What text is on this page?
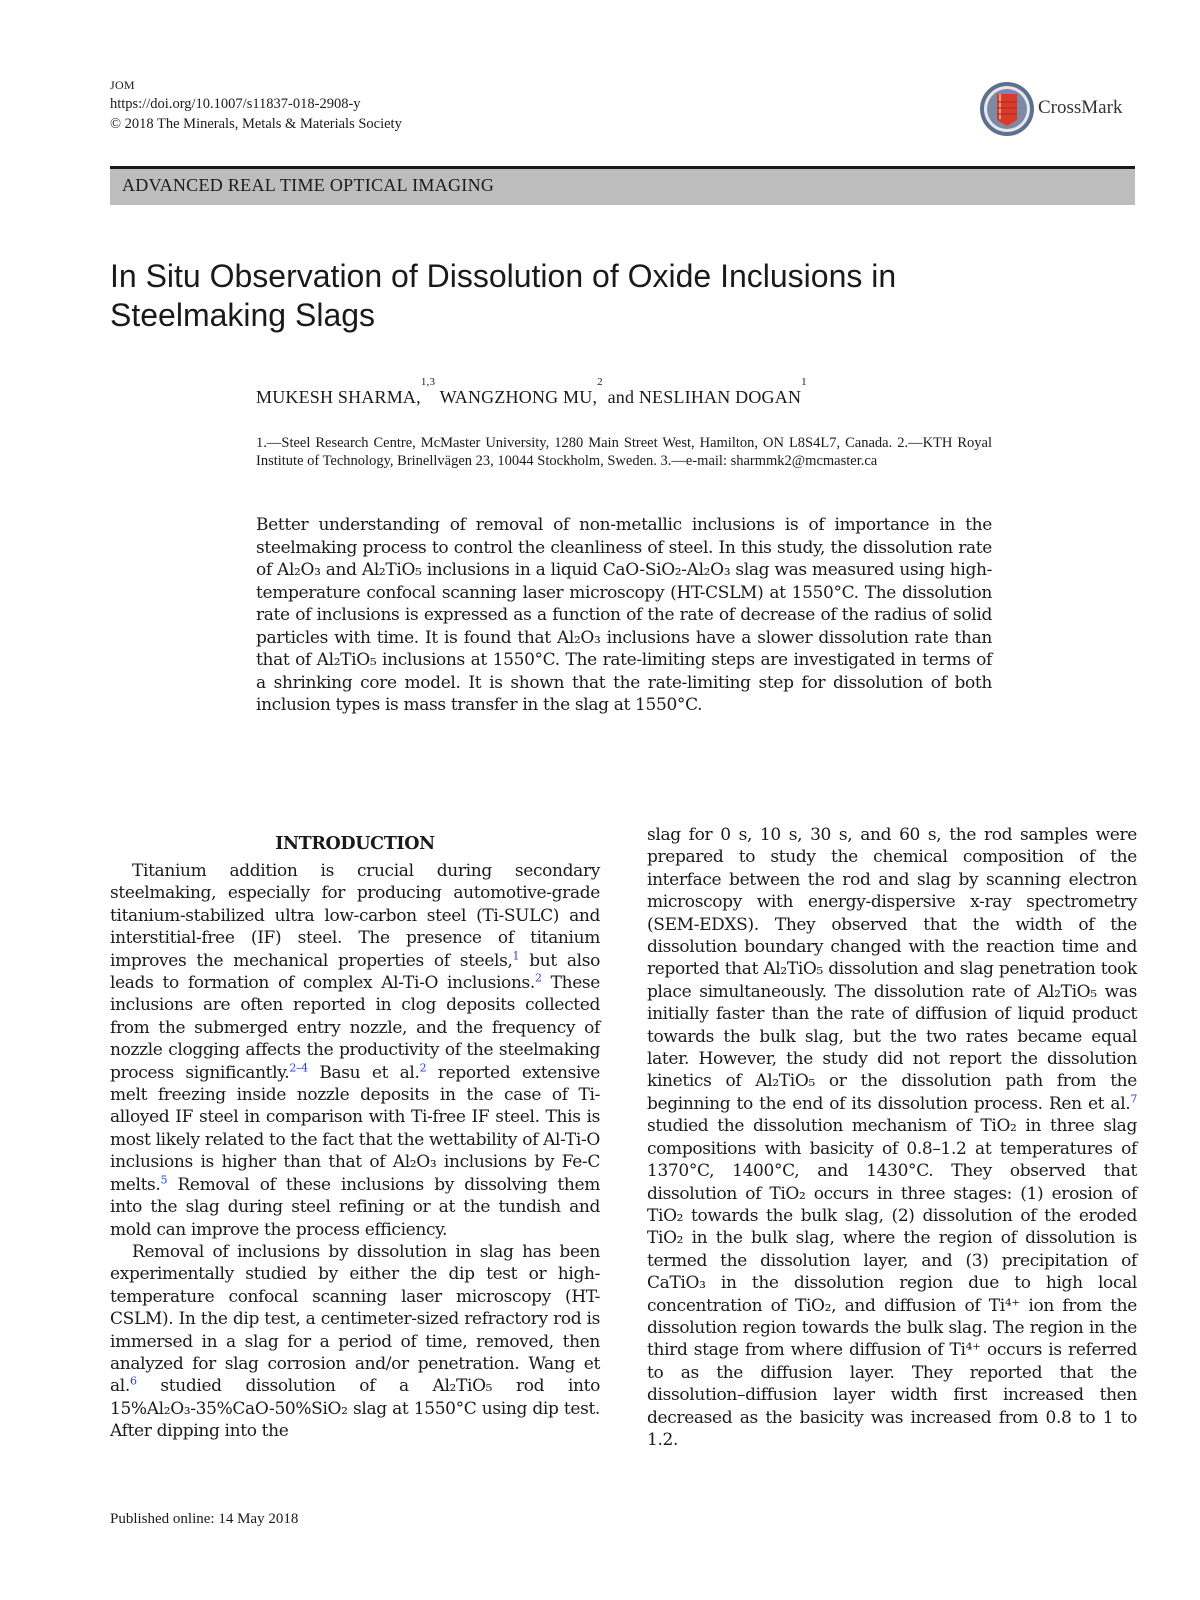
JOM
https://doi.org/10.1007/s11837-018-2908-y
© 2018 The Minerals, Metals & Materials Society
CrossMark
ADVANCED REAL TIME OPTICAL IMAGING
In Situ Observation of Dissolution of Oxide Inclusions in Steelmaking Slags
MUKESH SHARMA,$^{1,3}$ WANGZHONG MU,$^2$ and NESLIHAN DOGAN$^1$
1.—Steel Research Centre, McMaster University, 1280 Main Street West, Hamilton, ON L8S4L7, Canada. 2.—KTH Royal Institute of Technology, Brinellvägen 23, 10044 Stockholm, Sweden. 3.—e-mail: sharmmk2@mcmaster.ca

Better understanding of removal of non-metallic inclusions is of importance in the steelmaking process to control the cleanliness of steel. In this study, the dissolution rate of Al₂O₃ and Al₂TiO₅ inclusions in a liquid CaO-SiO₂-Al₂O₃ slag was measured using high-temperature confocal scanning laser microscopy (HT-CSLM) at 1550°C. The dissolution rate of inclusions is expressed as a function of the rate of decrease of the radius of solid particles with time. It is found that Al₂O₃ inclusions have a slower dissolution rate than that of Al₂TiO₅ inclusions at 1550°C. The rate-limiting steps are investigated in terms of a shrinking core model. It is shown that the rate-limiting step for dissolution of both inclusion types is mass transfer in the slag at 1550°C.

INTRODUCTION

Titanium addition is crucial during secondary steelmaking, especially for producing automotive-grade titanium-stabilized ultra low-carbon steel (Ti-SULC) and interstitial-free (IF) steel. The presence of titanium improves the mechanical properties of steels,$^1$ but also leads to formation of complex Al-Ti-O inclusions.$^2$ These inclusions are often reported in clog deposits collected from the submerged entry nozzle, and the frequency of nozzle clogging affects the productivity of the steelmaking process significantly.$^{2-4}$ Basu et al.$^2$ reported extensive melt freezing inside nozzle deposits in the case of Ti-alloyed IF steel in comparison with Ti-free IF steel. This is most likely related to the fact that the wettability of Al-Ti-O inclusions is higher than that of Al₂O₃ inclusions by Fe-C melts.$^5$ Removal of these inclusions by dissolving them into the slag during steel refining or at the tundish and mold can improve the process efficiency.

Removal of inclusions by dissolution in slag has been experimentally studied by either the dip test or high-temperature confocal scanning laser microscopy (HT-CSLM). In the dip test, a centimeter-sized refractory rod is immersed in a slag for a period of time, removed, then analyzed for slag corrosion and/or penetration. Wang et al.$^6$ studied dissolution of a Al₂TiO₅ rod into 15%Al₂O₃-35%CaO-50%SiO₂ slag at 1550°C using dip test. After dipping into the

slag for 0 s, 10 s, 30 s, and 60 s, the rod samples were prepared to study the chemical composition of the interface between the rod and slag by scanning electron microscopy with energy-dispersive x-ray spectrometry (SEM-EDXS). They observed that the width of the dissolution boundary changed with the reaction time and reported that Al₂TiO₅ dissolution and slag penetration took place simultaneously. The dissolution rate of Al₂TiO₅ was initially faster than the rate of diffusion of liquid product towards the bulk slag, but the two rates became equal later. However, the study did not report the dissolution kinetics of Al₂TiO₅ or the dissolution path from the beginning to the end of its dissolution process. Ren et al.$^7$ studied the dissolution mechanism of TiO₂ in three slag compositions with basicity of 0.8–1.2 at temperatures of 1370°C, 1400°C, and 1430°C. They observed that dissolution of TiO₂ occurs in three stages: (1) erosion of TiO₂ towards the bulk slag, (2) dissolution of the eroded TiO₂ in the bulk slag, where the region of dissolution is termed the dissolution layer, and (3) precipitation of CaTiO₃ in the dissolution region due to high local concentration of TiO₂, and diffusion of Ti⁴⁺ ion from the dissolution region towards the bulk slag. The region in the third stage from where diffusion of Ti⁴⁺ occurs is referred to as the diffusion layer. They reported that the dissolution–diffusion layer width first increased then decreased as the basicity was increased from 0.8 to 1 to 1.2.

Published online: 14 May 2018
